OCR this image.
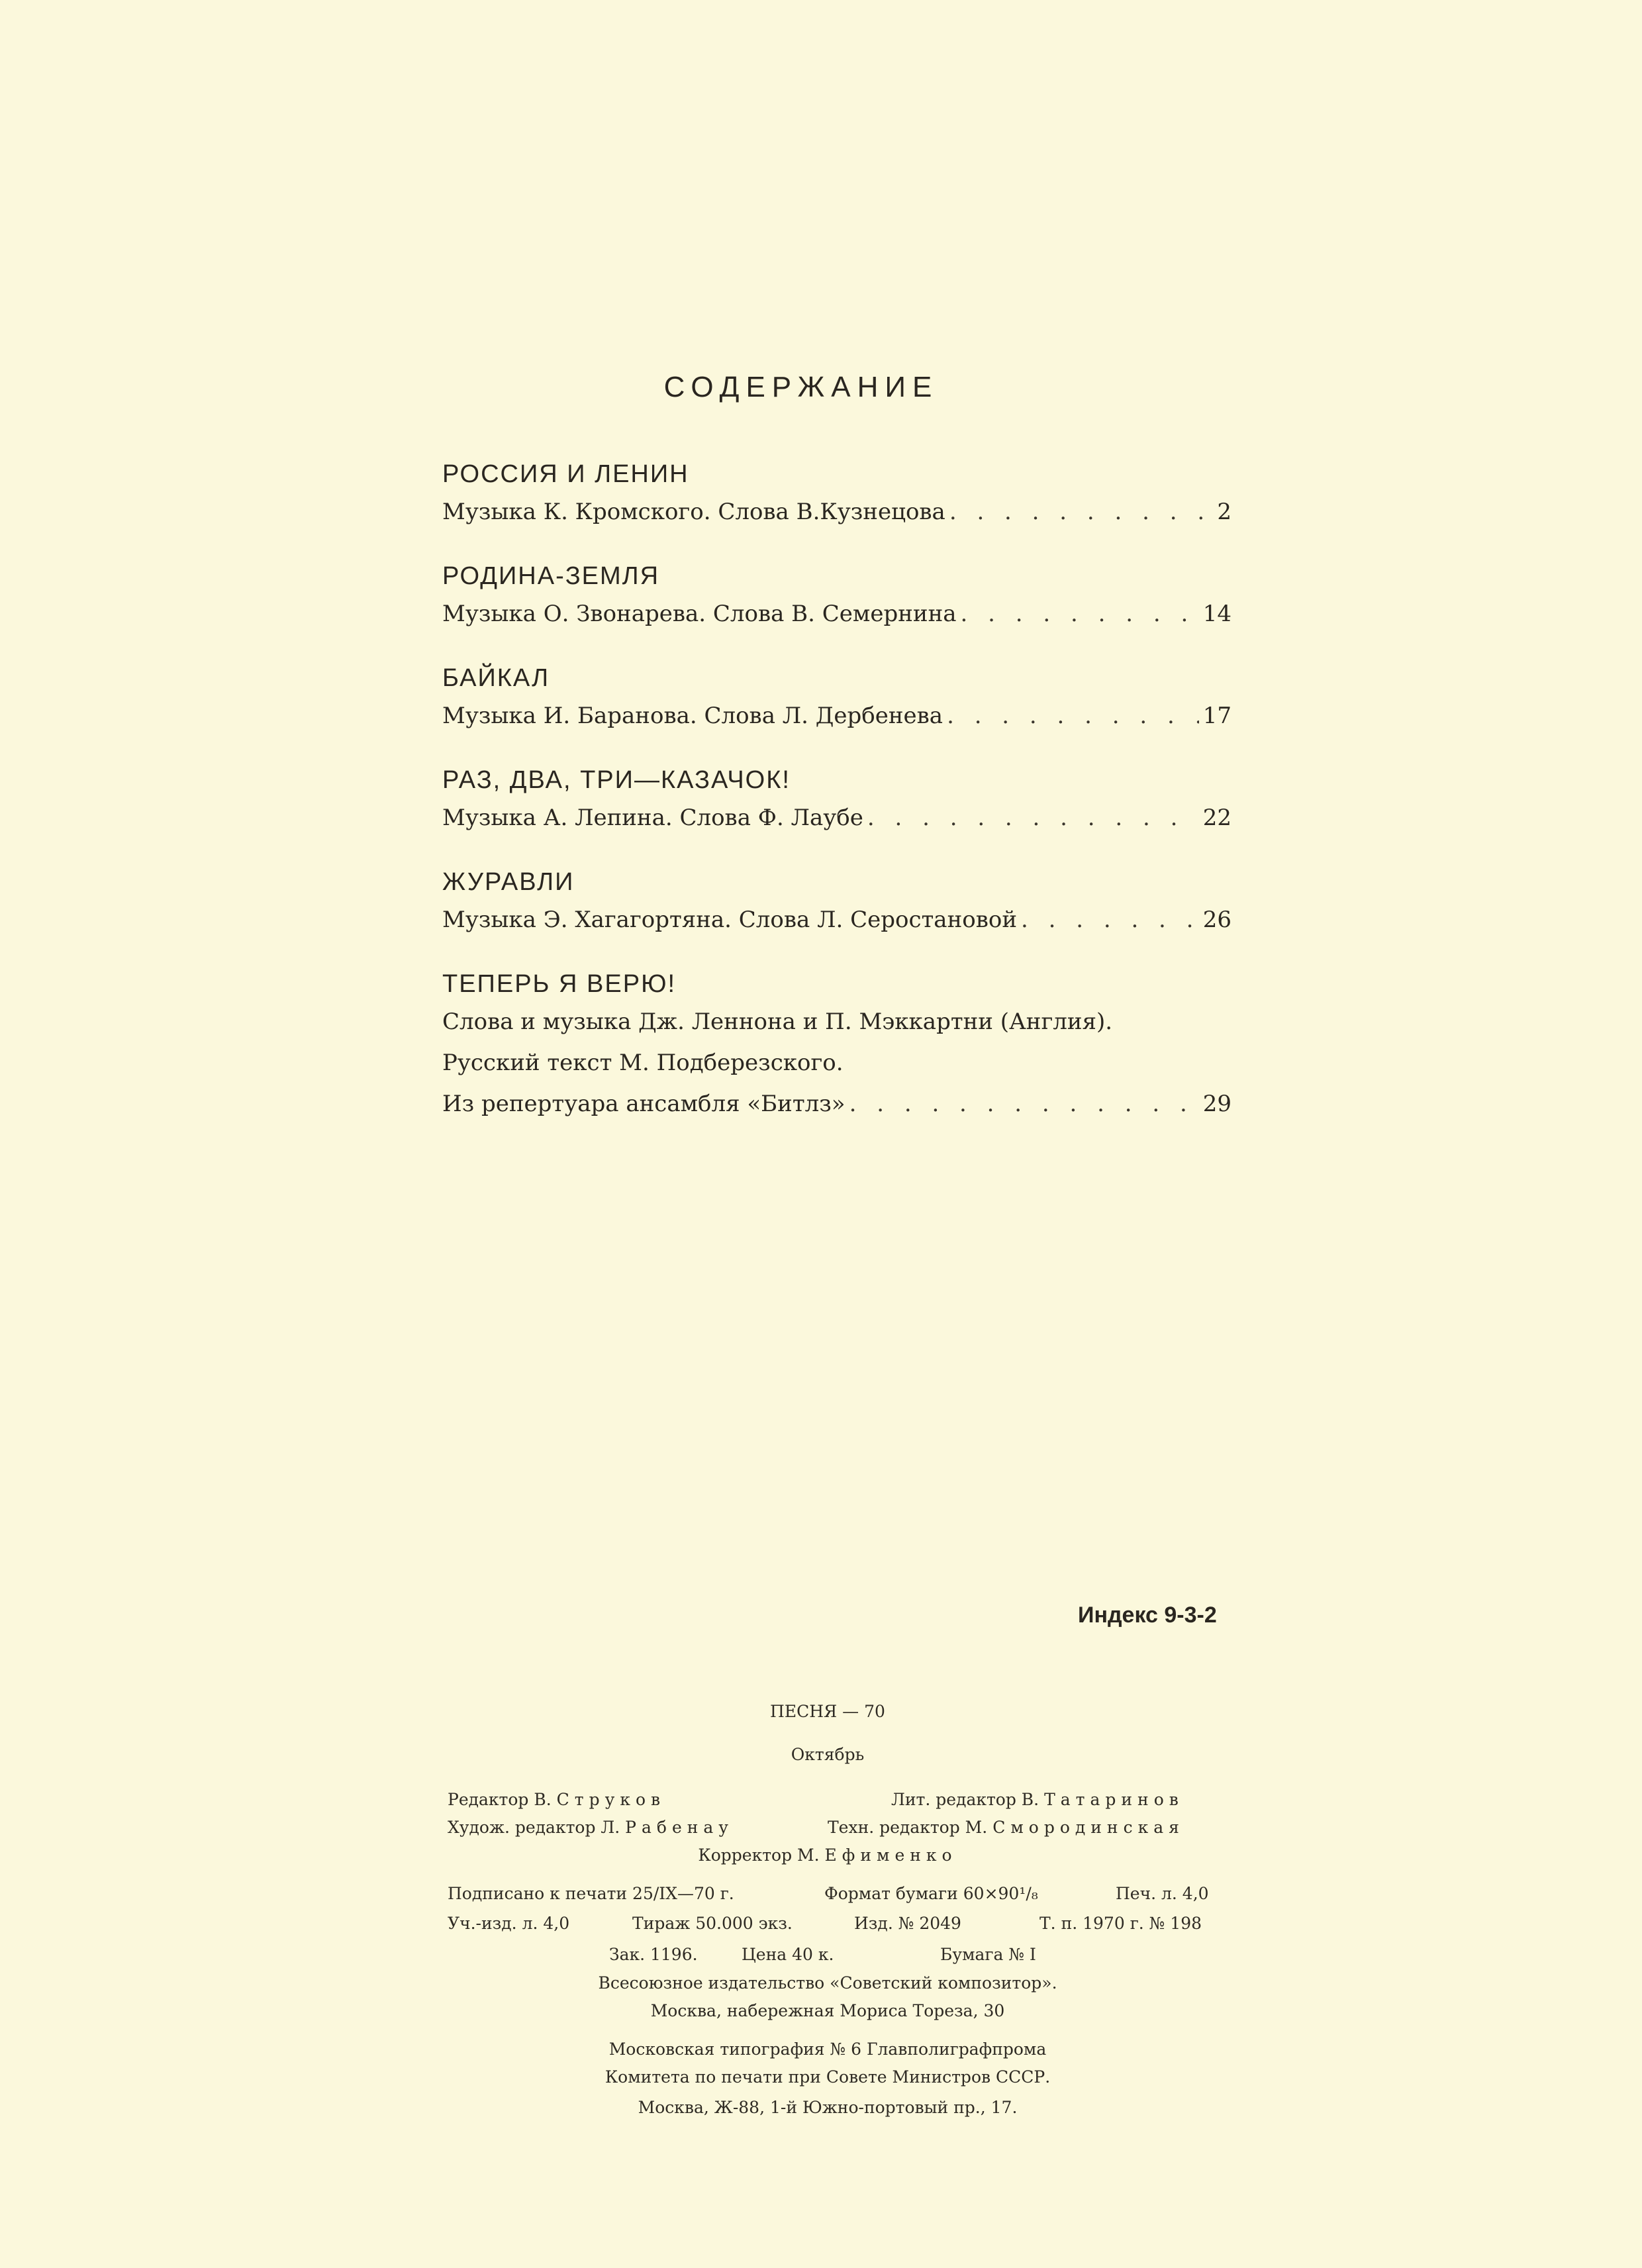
СОДЕРЖАНИЕ
РОССИЯ И ЛЕНИН
Музыка К. Кромского. Слова В.Кузнецова . . .	2
РОДИНА-ЗЕМЛЯ
Музыка О. Звонарева. Слова В. Семернина . . .	14
БАЙКАЛ
Музыка И. Баранова. Слова Л. Дербенева . . .	17
РАЗ, ДВА, ТРИ—КАЗАЧОК!
Музыка А. Лепина. Слова Ф. Лаубе . . .	22
ЖУРАВЛИ
Музыка Э. Хагагортяна. Слова Л. Серостановой . . .	26
ТЕПЕРЬ Я ВЕРЮ!
Слова и музыка Дж. Леннона и П. Мэккартни (Англия).
Русский текст М. Подберезского.
Из репертуара ансамбля «Битлз» . . .	29
Индекс 9-3-2
ПЕСНЯ — 70
Октябрь
Редактор В. Струков	Лит. редактор В. Татаринов
Худож. редактор Л. Рабенау	Техн. редактор М. Смородинская
Корректор М. Ефименко
Подписано к печати 25/IX—70 г.	Формат бумаги 60×90¹/₈	Печ. л. 4,0
Уч.-изд. л. 4,0	Тираж 50.000 экз.	Изд. № 2049	Т. п. 1970 г. № 198
Зак. 1196.	Цена 40 к.	Бумага № I
Всесоюзное издательство «Советский композитор».
Москва, набережная Мориса Тореза, 30
Московская типография № 6 Главполиграфпрома
Комитета по печати при Совете Министров СССР.
Москва, Ж-88, 1-й Южно-портовый пр., 17.
